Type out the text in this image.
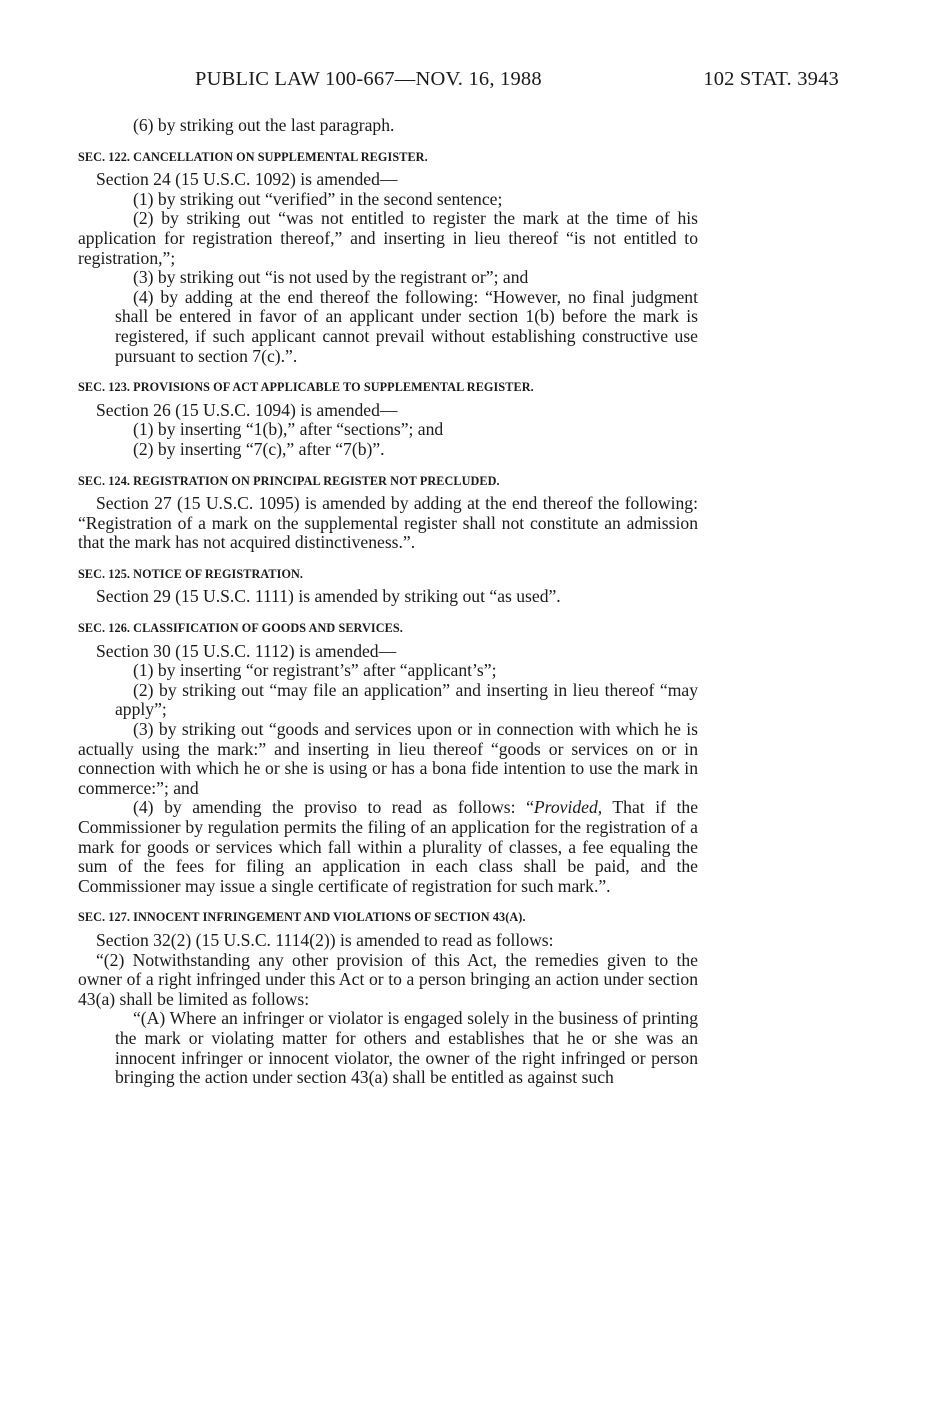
PUBLIC LAW 100-667—NOV. 16, 1988	102 STAT. 3943

(6) by striking out the last paragraph.

SEC. 122. CANCELLATION ON SUPPLEMENTAL REGISTER.

Section 24 (15 U.S.C. 1092) is amended—

(1) by striking out “verified” in the second sentence;

(2) by striking out “was not entitled to register the mark at the time of his application for registration thereof,” and inserting in lieu thereof “is not entitled to registration,”;

(3) by striking out “is not used by the registrant or”; and

(4) by adding at the end thereof the following: “However, no final judgment shall be entered in favor of an applicant under section 1(b) before the mark is registered, if such applicant cannot prevail without establishing constructive use pursuant to section 7(c).”.

SEC. 123. PROVISIONS OF ACT APPLICABLE TO SUPPLEMENTAL REGISTER.

Section 26 (15 U.S.C. 1094) is amended—

(1) by inserting “1(b),” after “sections”; and

(2) by inserting “7(c),” after “7(b)”.

SEC. 124. REGISTRATION ON PRINCIPAL REGISTER NOT PRECLUDED.

Section 27 (15 U.S.C. 1095) is amended by adding at the end thereof the following: “Registration of a mark on the supplemental register shall not constitute an admission that the mark has not acquired distinctiveness.”.

SEC. 125. NOTICE OF REGISTRATION.

Section 29 (15 U.S.C. 1111) is amended by striking out “as used”.

SEC. 126. CLASSIFICATION OF GOODS AND SERVICES.

Section 30 (15 U.S.C. 1112) is amended—

(1) by inserting “or registrant’s” after “applicant’s”;

(2) by striking out “may file an application” and inserting in lieu thereof “may apply”;

(3) by striking out “goods and services upon or in connection with which he is actually using the mark:” and inserting in lieu thereof “goods or services on or in connection with which he or she is using or has a bona fide intention to use the mark in commerce:”; and

(4) by amending the proviso to read as follows: “Provided, That if the Commissioner by regulation permits the filing of an application for the registration of a mark for goods or services which fall within a plurality of classes, a fee equaling the sum of the fees for filing an application in each class shall be paid, and the Commissioner may issue a single certificate of registration for such mark.”.

SEC. 127. INNOCENT INFRINGEMENT AND VIOLATIONS OF SECTION 43(A).

Section 32(2) (15 U.S.C. 1114(2)) is amended to read as follows:

“(2) Notwithstanding any other provision of this Act, the remedies given to the owner of a right infringed under this Act or to a person bringing an action under section 43(a) shall be limited as follows:

“(A) Where an infringer or violator is engaged solely in the business of printing the mark or violating matter for others and establishes that he or she was an innocent infringer or innocent violator, the owner of the right infringed or person bringing the action under section 43(a) shall be entitled as against such
